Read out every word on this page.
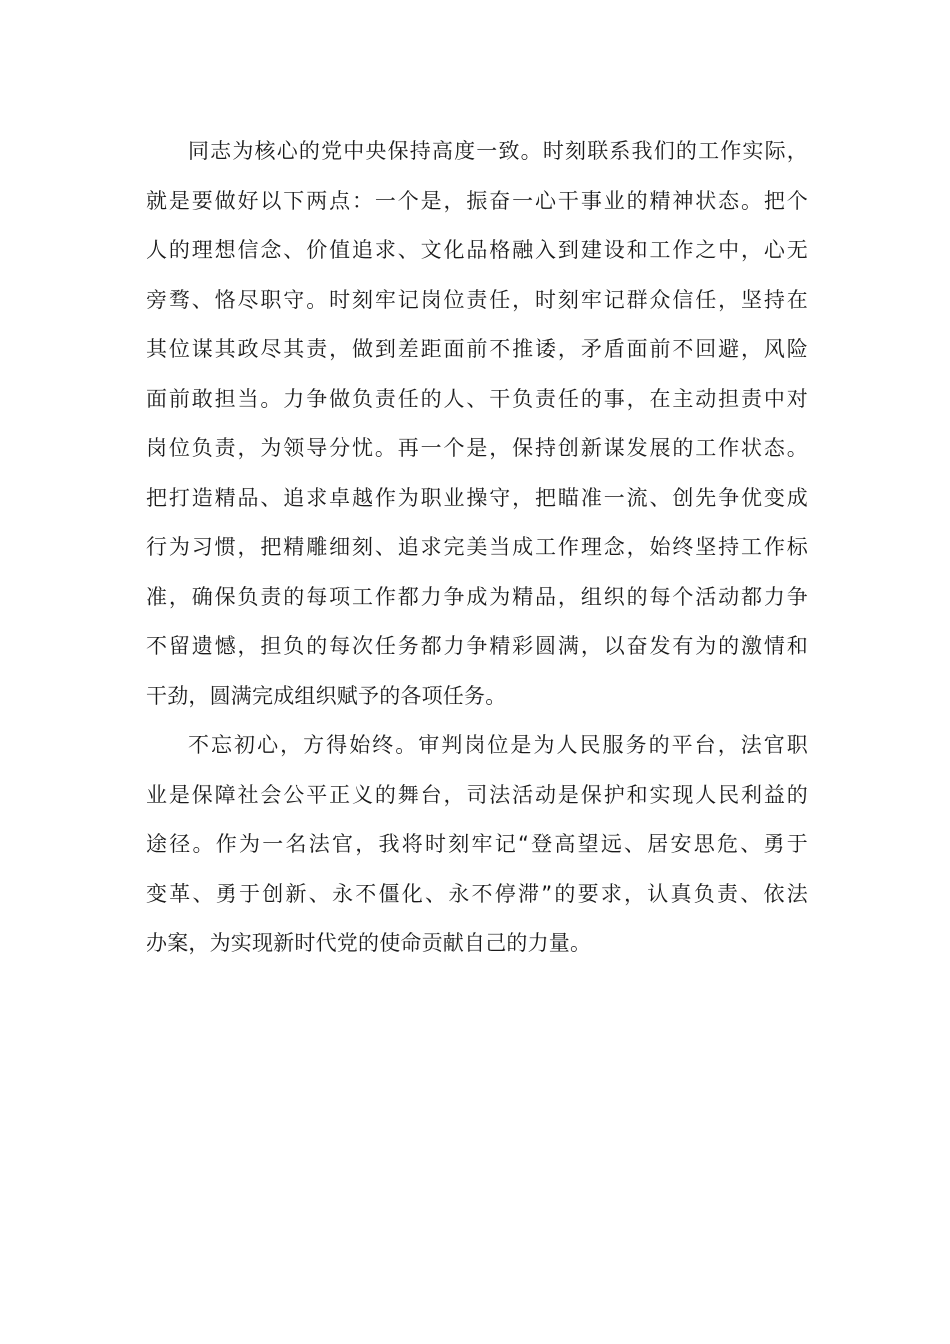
同志为核心的党中央保持高度一致。时刻联系我们的工作实际，
就是要做好以下两点：一个是，振奋一心干事业的精神状态。把个
人的理想信念、价值追求、文化品格融入到建设和工作之中，心无
旁骛、恪尽职守。时刻牢记岗位责任，时刻牢记群众信任，坚持在
其位谋其政尽其责，做到差距面前不推诿，矛盾面前不回避，风险
面前敢担当。力争做负责任的人、干负责任的事，在主动担责中对
岗位负责，为领导分忧。再一个是，保持创新谋发展的工作状态。
把打造精品、追求卓越作为职业操守，把瞄准一流、创先争优变成
行为习惯，把精雕细刻、追求完美当成工作理念，始终坚持工作标
准，确保负责的每项工作都力争成为精品，组织的每个活动都力争
不留遗憾，担负的每次任务都力争精彩圆满，以奋发有为的激情和
干劲，圆满完成组织赋予的各项任务。
不忘初心，方得始终。审判岗位是为人民服务的平台，法官职
业是保障社会公平正义的舞台，司法活动是保护和实现人民利益的
途径。作为一名法官，我将时刻牢记“登高望远、居安思危、勇于
变革、勇于创新、永不僵化、永不停滞”的要求，认真负责、依法
办案，为实现新时代党的使命贡献自己的力量。
